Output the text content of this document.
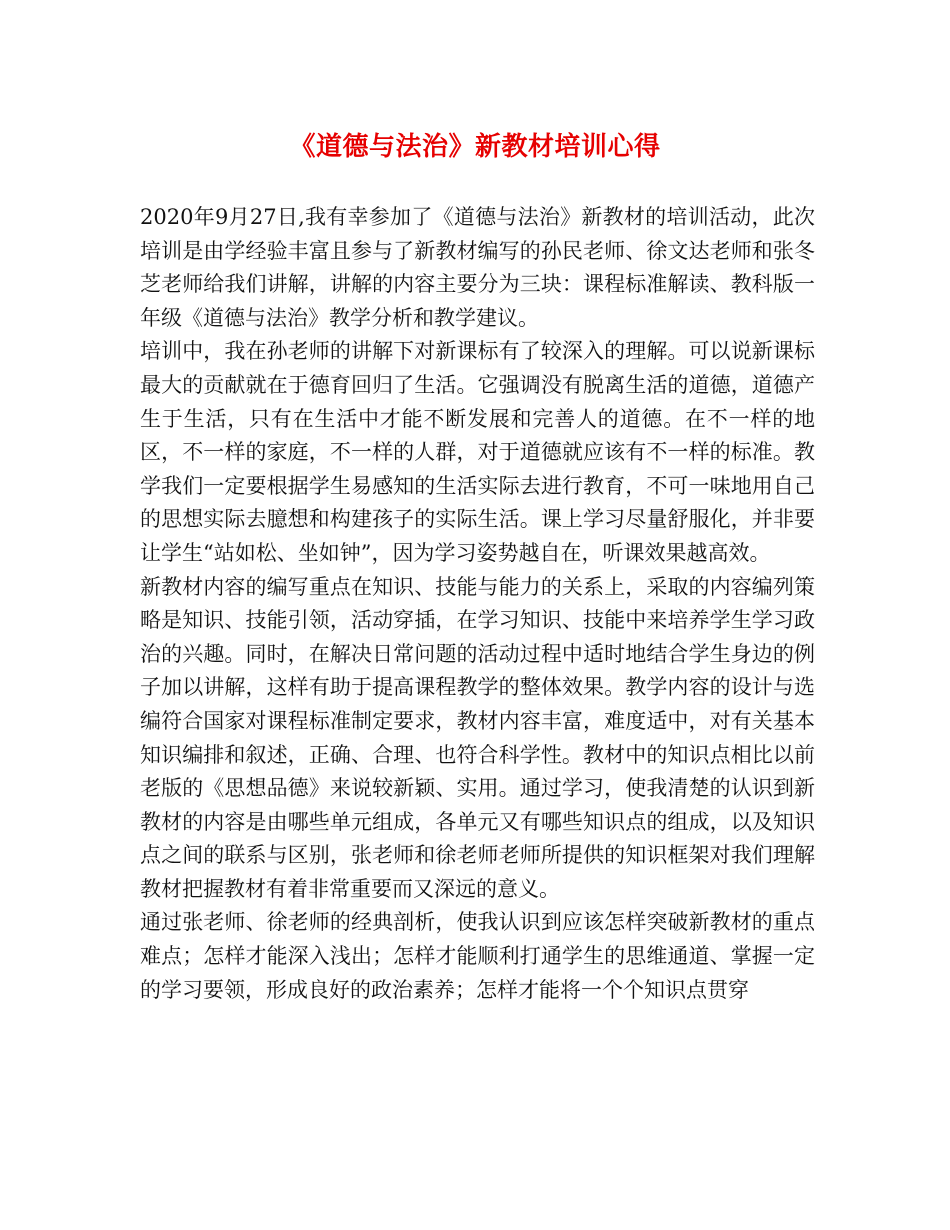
《道德与法治》新教材培训心得

2020年9月27日,我有幸参加了《道德与法治》新教材的培训活动，此次培训是由学经验丰富且参与了新教材编写的孙民老师、徐文达老师和张冬芝老师给我们讲解，讲解的内容主要分为三块：课程标准解读、教科版一年级《道德与法治》教学分析和教学建议。

培训中，我在孙老师的讲解下对新课标有了较深入的理解。可以说新课标最大的贡献就在于德育回归了生活。它强调没有脱离生活的道德，道德产生于生活，只有在生活中才能不断发展和完善人的道德。在不一样的地区，不一样的家庭，不一样的人群，对于道德就应该有不一样的标准。教学我们一定要根据学生易感知的生活实际去进行教育，不可一味地用自己的思想实际去臆想和构建孩子的实际生活。课上学习尽量舒服化，并非要让学生“站如松、坐如钟”，因为学习姿势越自在，听课效果越高效。

新教材内容的编写重点在知识、技能与能力的关系上，采取的内容编列策略是知识、技能引领，活动穿插，在学习知识、技能中来培养学生学习政治的兴趣。同时，在解决日常问题的活动过程中适时地结合学生身边的例子加以讲解，这样有助于提高课程教学的整体效果。教学内容的设计与选编符合国家对课程标准制定要求，教材内容丰富，难度适中，对有关基本知识编排和叙述，正确、合理、也符合科学性。教材中的知识点相比以前老版的《思想品德》来说较新颖、实用。通过学习，使我清楚的认识到新教材的内容是由哪些单元组成，各单元又有哪些知识点的组成，以及知识点之间的联系与区别，张老师和徐老师老师所提供的知识框架对我们理解教材把握教材有着非常重要而又深远的意义。

通过张老师、徐老师的经典剖析，使我认识到应该怎样突破新教材的重点难点；怎样才能深入浅出；怎样才能顺利打通学生的思维通道、掌握一定的学习要领，形成良好的政治素养；怎样才能将一个个知识点贯穿
